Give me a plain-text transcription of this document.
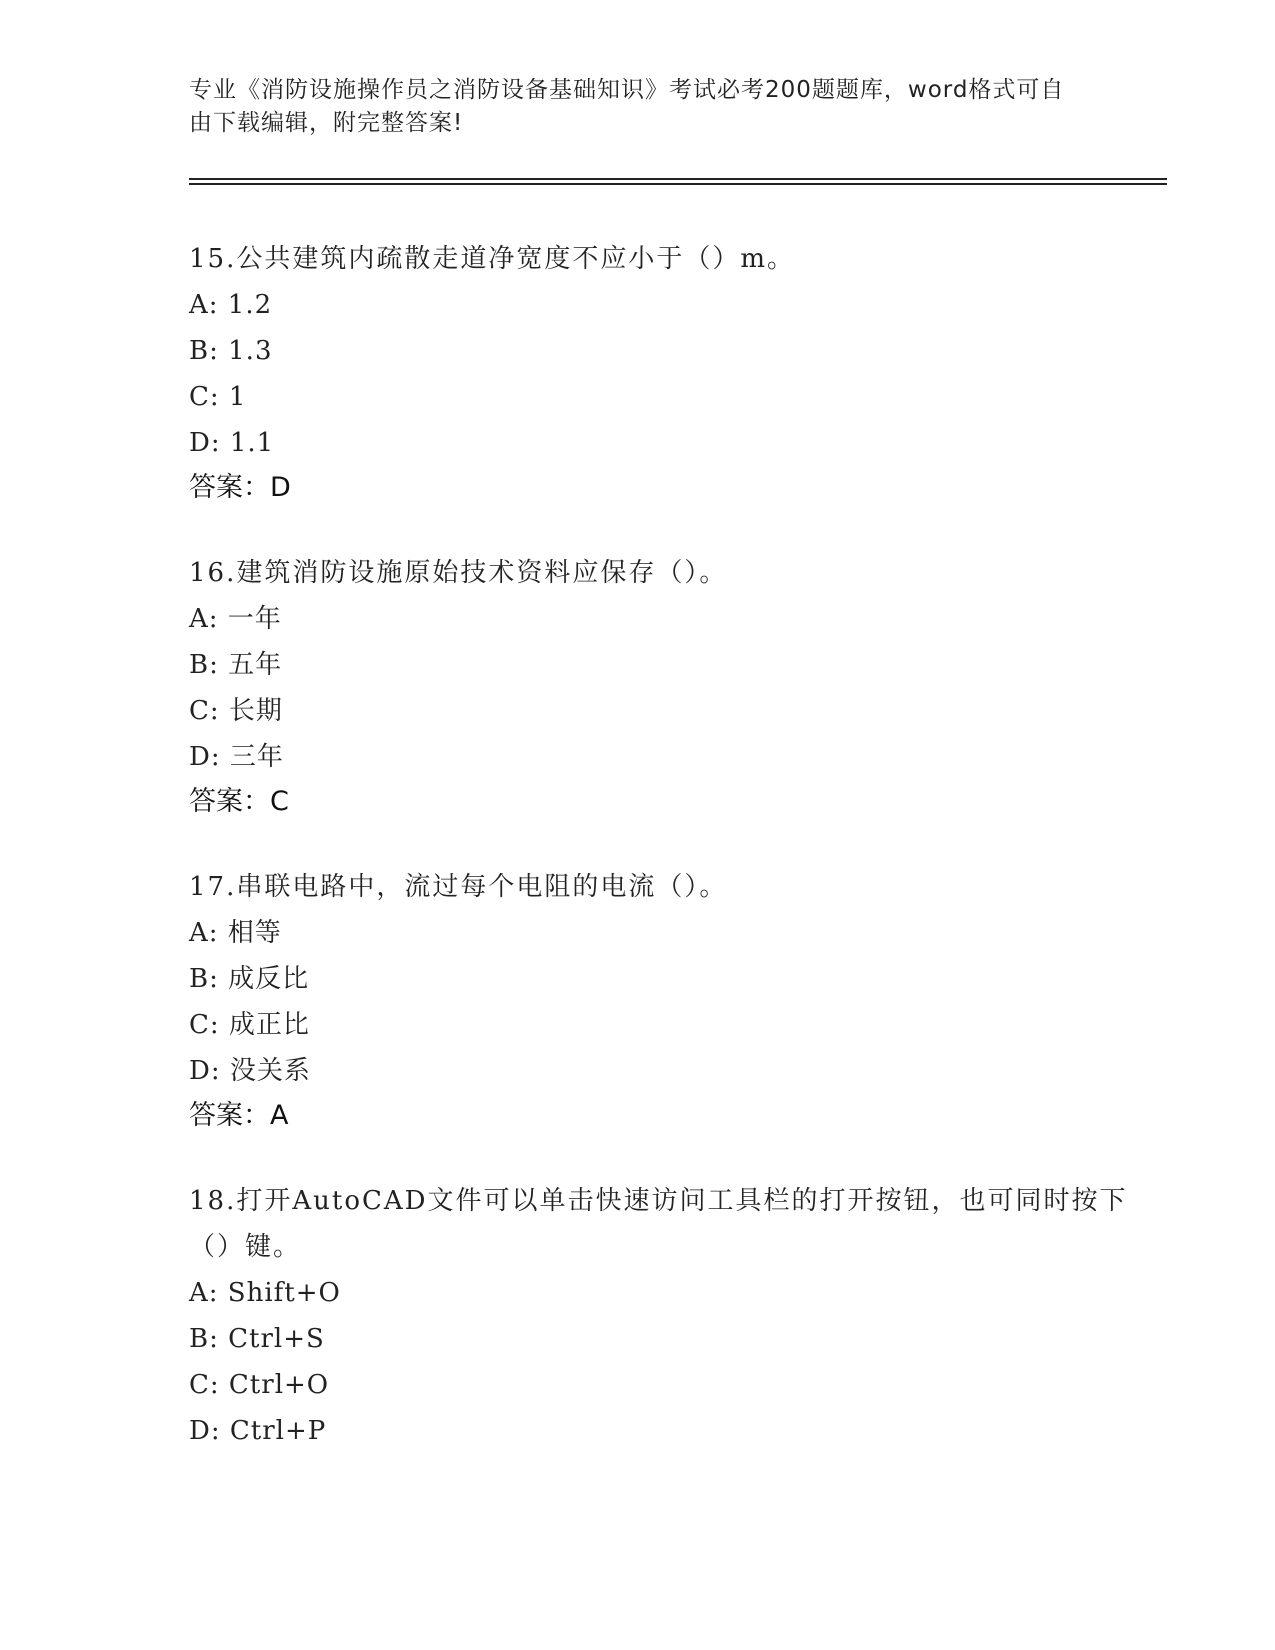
专业《消防设施操作员之消防设备基础知识》考试必考200题题库，word格式可自由下载编辑，附完整答案!
15.公共建筑内疏散走道净宽度不应小于（）m。
A: 1.2
B: 1.3
C: 1
D: 1.1
答案：D
16.建筑消防设施原始技术资料应保存（）。
A: 一年
B: 五年
C: 长期
D: 三年
答案：C
17.串联电路中，流过每个电阻的电流（）。
A: 相等
B: 成反比
C: 成正比
D: 没关系
答案：A
18.打开AutoCAD文件可以单击快速访问工具栏的打开按钮，也可同时按下（）键。
A: Shift+O
B: Ctrl+S
C: Ctrl+O
D: Ctrl+P
